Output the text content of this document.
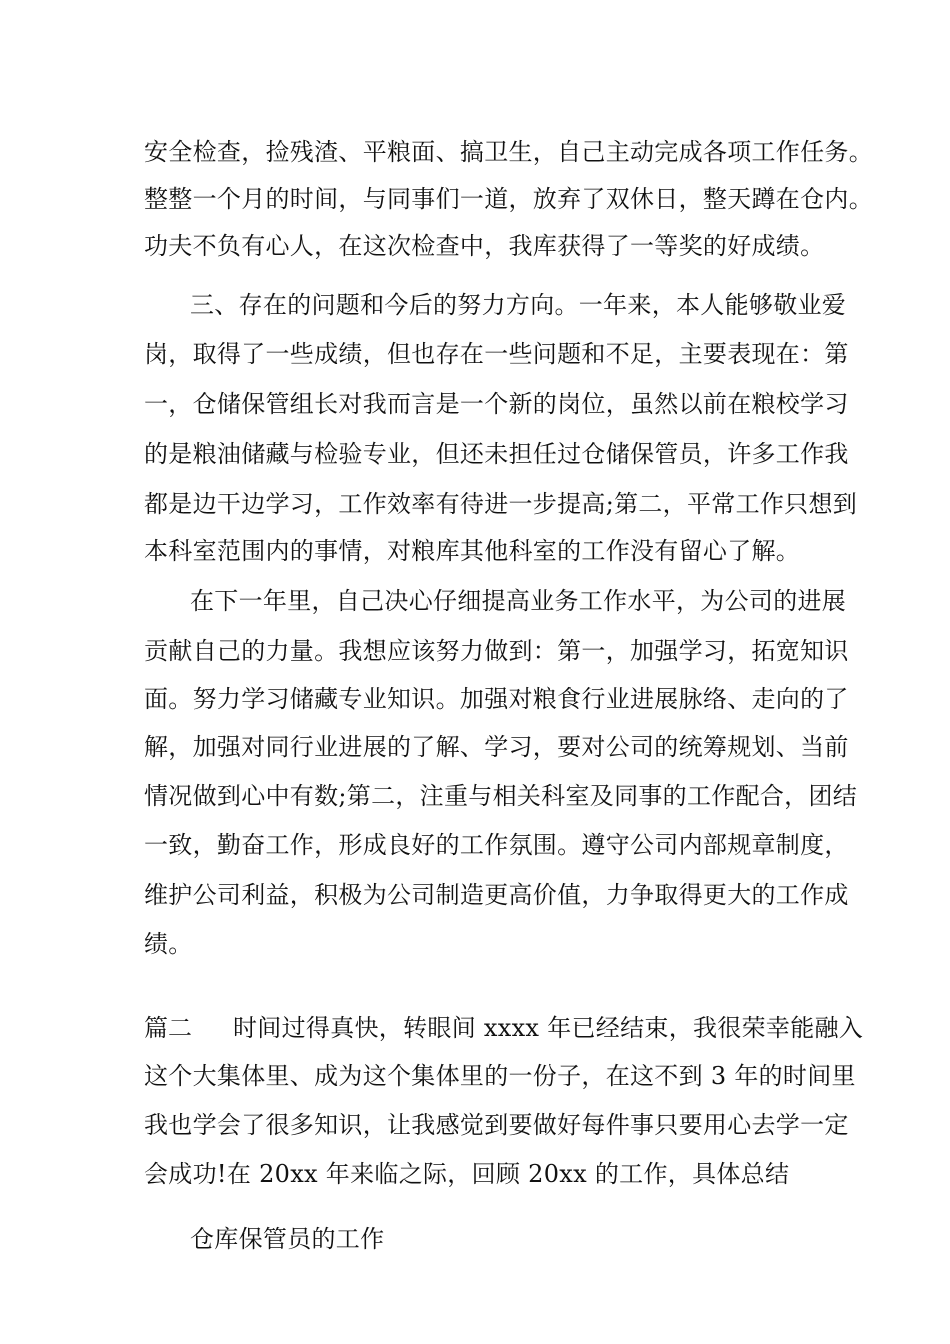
安全检查，捡残渣、平粮面、搞卫生，自己主动完成各项工作任务。
整整一个月的时间，与同事们一道，放弃了双休日，整天蹲在仓内。
功夫不负有心人，在这次检查中，我库获得了一等奖的好成绩。
三、存在的问题和今后的努力方向。一年来，本人能够敬业爱
岗，取得了一些成绩，但也存在一些问题和不足，主要表现在：第
一，仓储保管组长对我而言是一个新的岗位，虽然以前在粮校学习
的是粮油储藏与检验专业，但还未担任过仓储保管员，许多工作我
都是边干边学习，工作效率有待进一步提高;第二，平常工作只想到
本科室范围内的事情，对粮库其他科室的工作没有留心了解。
在下一年里，自己决心仔细提高业务工作水平，为公司的进展
贡献自己的力量。我想应该努力做到：第一，加强学习，拓宽知识
面。努力学习储藏专业知识。加强对粮食行业进展脉络、走向的了
解，加强对同行业进展的了解、学习，要对公司的统筹规划、当前
情况做到心中有数;第二，注重与相关科室及同事的工作配合，团结
一致，勤奋工作，形成良好的工作氛围。遵守公司内部规章制度，
维护公司利益，积极为公司制造更高价值，力争取得更大的工作成
绩。
篇二 时间过得真快，转眼间 xxxx 年已经结束，我很荣幸能融入
这个大集体里、成为这个集体里的一份子，在这不到 3 年的时间里
我也学会了很多知识，让我感觉到要做好每件事只要用心去学一定
会成功!在 20xx 年来临之际，回顾 20xx 的工作，具体总结
仓库保管员的工作
